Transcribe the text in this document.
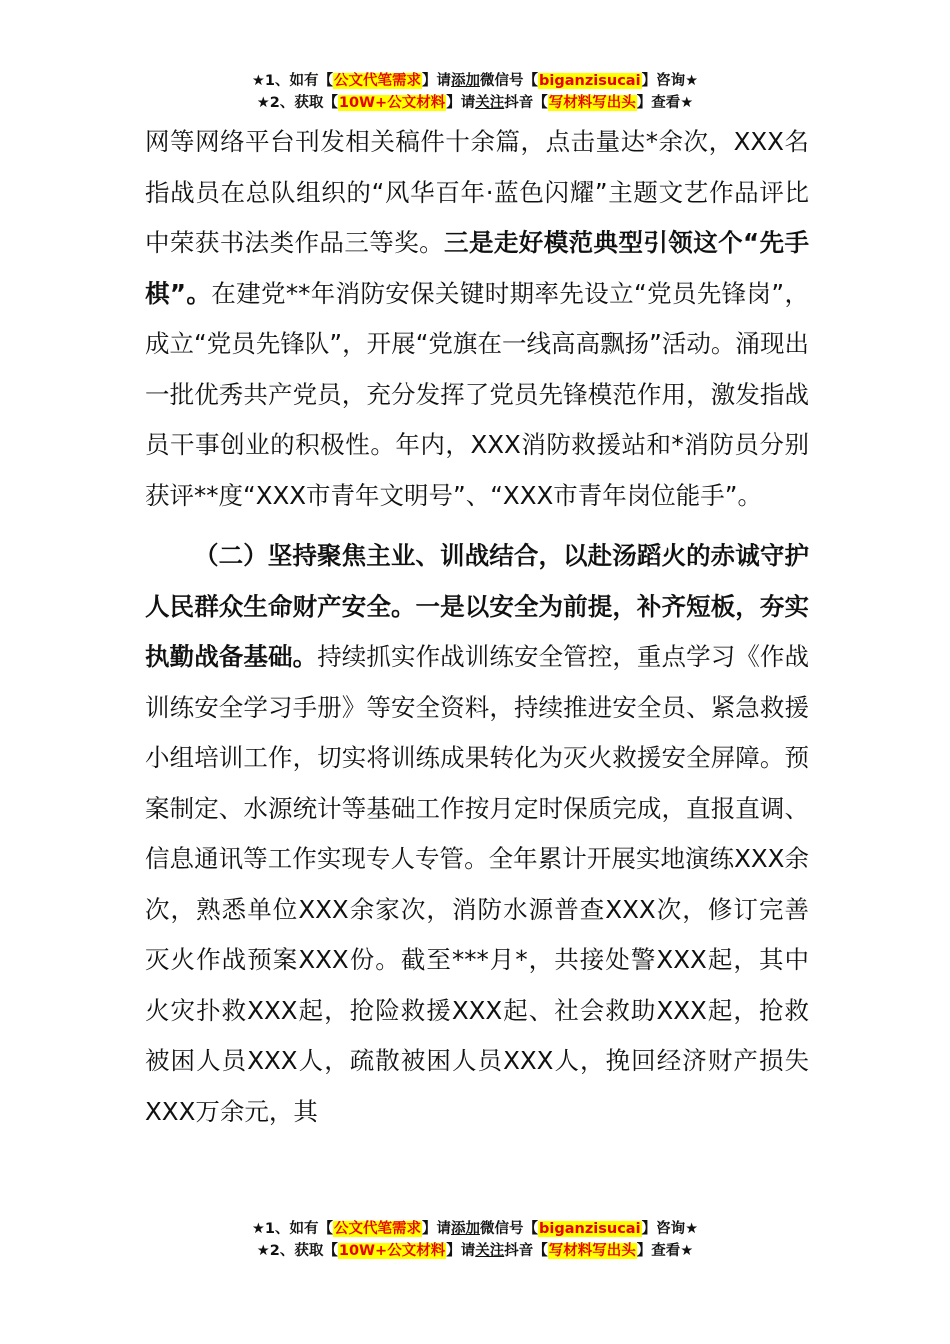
★1、如有【公文代笔需求】请添加微信号【biganzisucai】咨询★
★2、获取【10W+公文材料】请关注抖音【写材料写出头】查看★

网等网络平台刊发相关稿件十余篇，点击量达*余次，XXX名指战员在总队组织的“风华百年·蓝色闪耀”主题文艺作品评比中荣获书法类作品三等奖。三是走好模范典型引领这个“先手棋”。在建党**年消防安保关键时期率先设立“党员先锋岗”，成立“党员先锋队”，开展“党旗在一线高高飘扬”活动。涌现出一批优秀共产党员，充分发挥了党员先锋模范作用，激发指战员干事创业的积极性。年内，XXX消防救援站和*消防员分别获评**度“XXX市青年文明号”、“XXX市青年岗位能手”。

（二）坚持聚焦主业、训战结合，以赴汤蹈火的赤诚守护人民群众生命财产安全。一是以安全为前提，补齐短板，夯实执勤战备基础。持续抓实作战训练安全管控，重点学习《作战训练安全学习手册》等安全资料，持续推进安全员、紧急救援小组培训工作，切实将训练成果转化为灭火救援安全屏障。预案制定、水源统计等基础工作按月定时保质完成，直报直调、信息通讯等工作实现专人专管。全年累计开展实地演练XXX余次，熟悉单位XXX余家次，消防水源普查XXX次，修订完善灭火作战预案XXX份。截至***月*，共接处警XXX起，其中火灾扑救XXX起，抢险救援XXX起、社会救助XXX起，抢救被困人员XXX人，疏散被困人员XXX人，挽回经济财产损失XXX万余元，其

★1、如有【公文代笔需求】请添加微信号【biganzisucai】咨询★
★2、获取【10W+公文材料】请关注抖音【写材料写出头】查看★
